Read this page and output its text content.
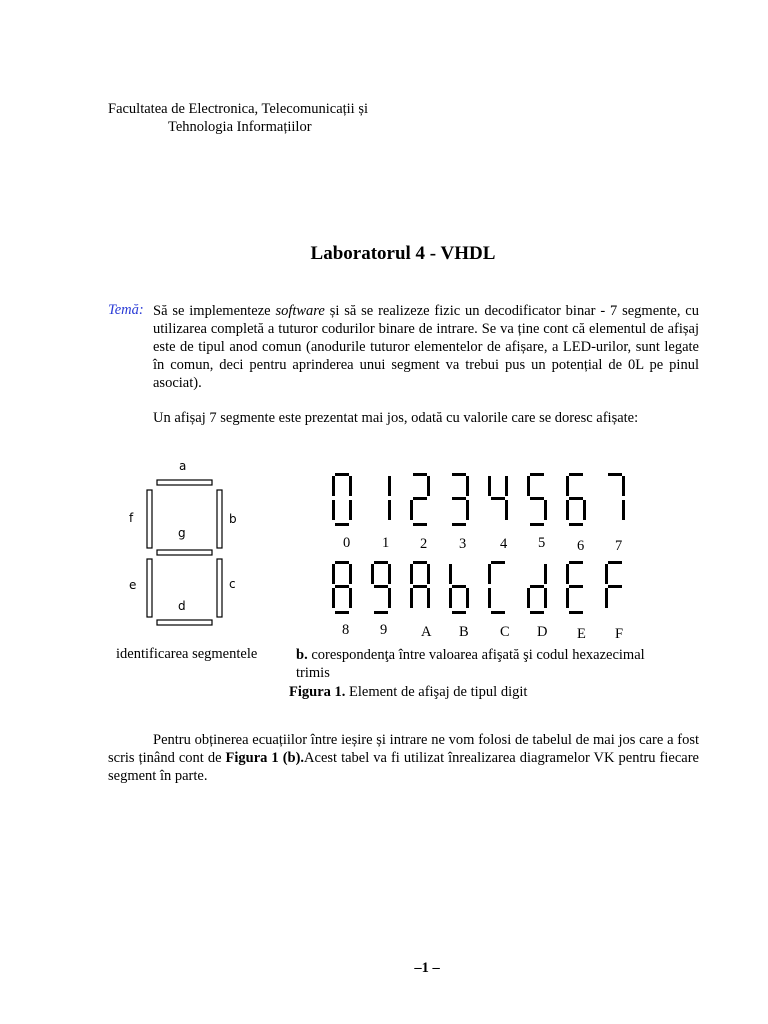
Facultatea de Electronica, Telecomunicații și
Tehnologia Informațiilor
Laboratorul 4 - VHDL
Temă: Să se implementeze software și să se realizeze fizic un decodificator binar - 7 segmente, cu utilizarea completă a tuturor codurilor binare de intrare. Se va ține cont că elementul de afișaj este de tipul anod comun (anodurile tuturor elementelor de afișare, a LED-urilor, sunt legate în comun, deci pentru aprinderea unui segment va trebui pus un potențial de 0L pe pinul asociat).
Un afișaj 7 segmente este prezentat mai jos, odată cu valorile care se doresc afișate:
a
b
c
d
e
f
g
identificarea segmentele
0 1 2 3 4 5 6 7
8 9 A B C D E F
b. corespondenţa între valoarea afişată şi codul hexazecimal
trimis
Figura 1. Element de afişaj de tipul digit
Pentru obținerea ecuațiilor între ieșire și intrare ne vom folosi de tabelul de mai jos care a fost scris ținând cont de Figura 1 (b).Acest tabel va fi utilizat înrealizarea diagramelor VK pentru fiecare segment în parte.
–1 –
